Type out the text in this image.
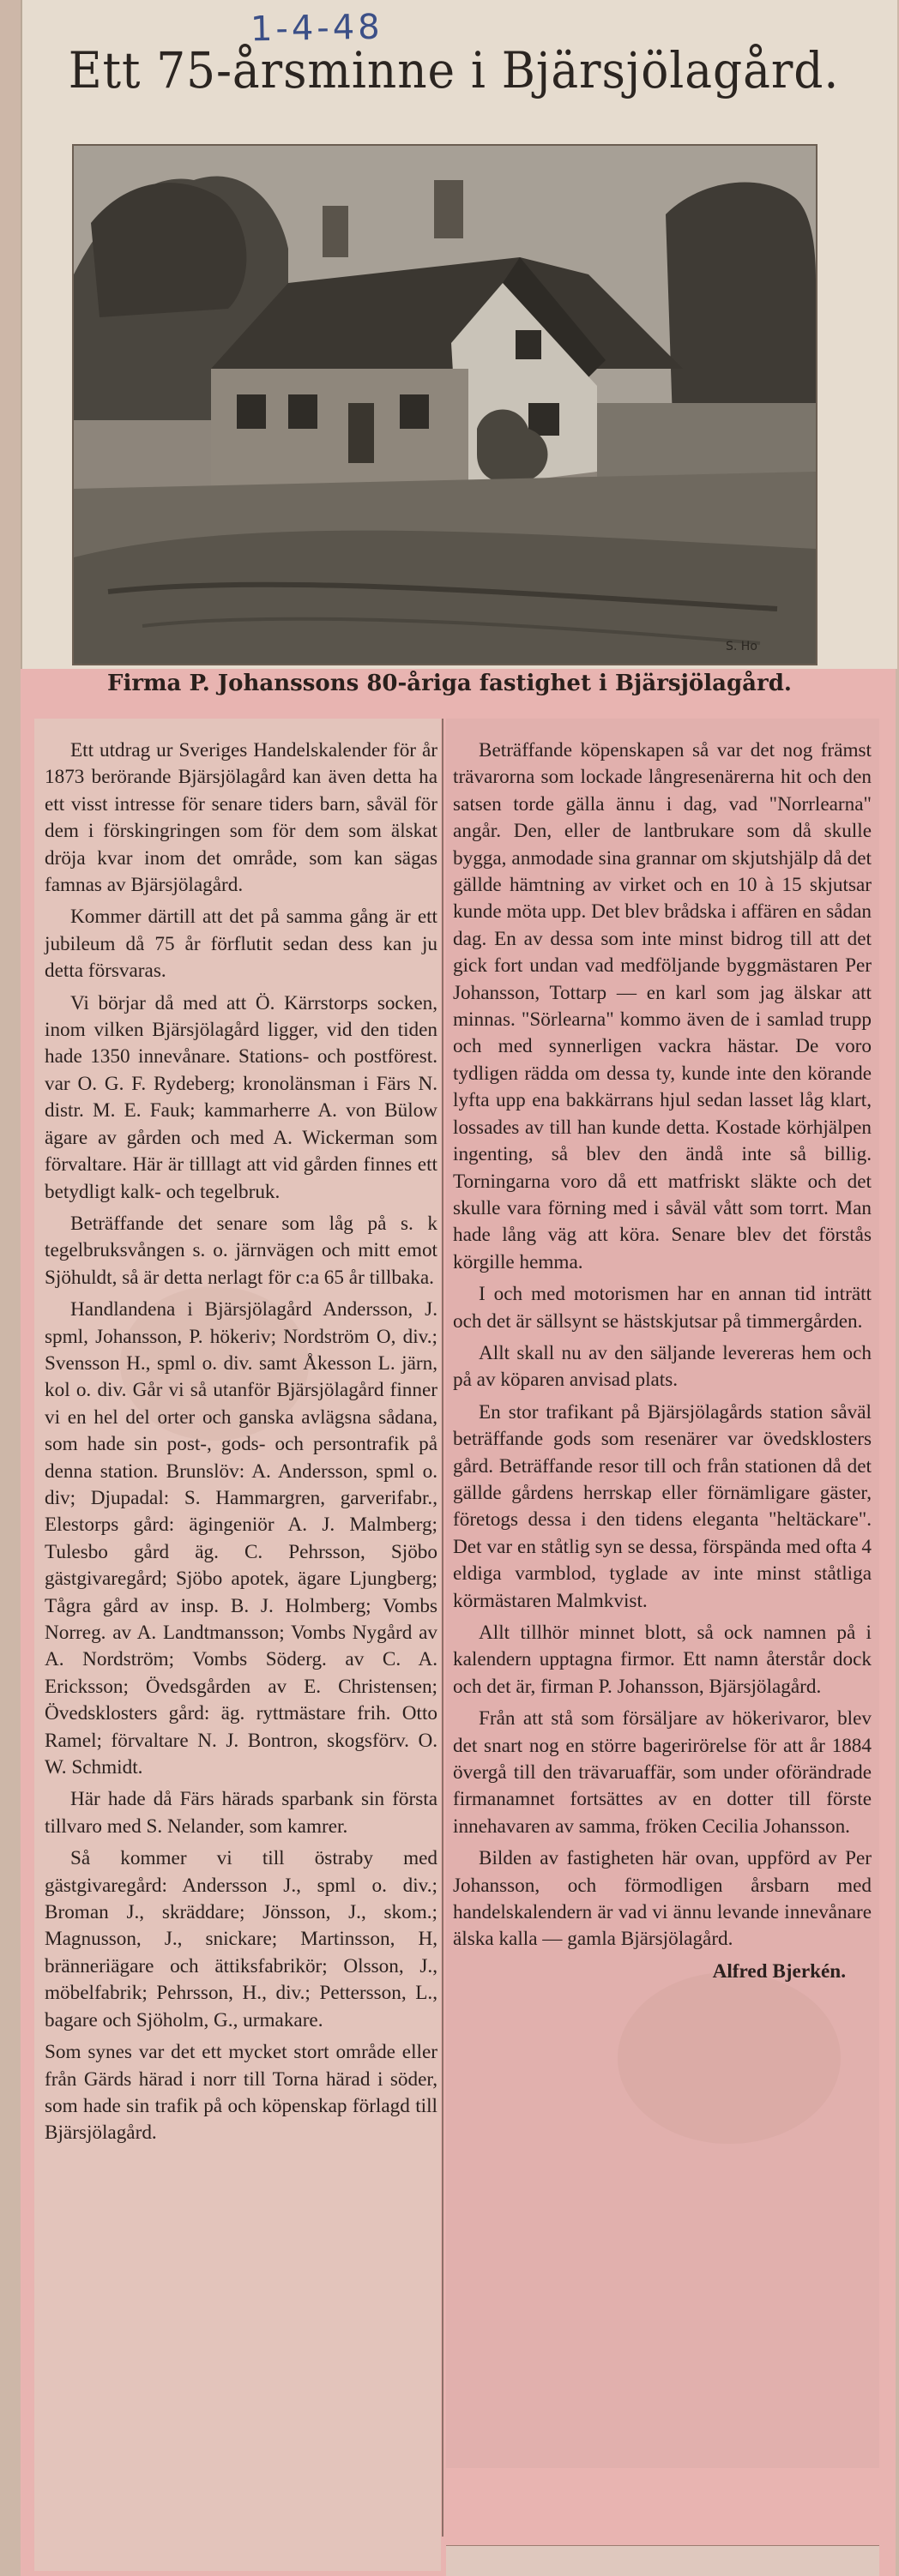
1-4-48
Ett 75-årsminne i Bjärsjölagård.
S. Ho
Firma P. Johanssons 80-åriga fastighet i Bjärsjölagård.

Ett utdrag ur Sveriges Handelskalender för år 1873 berörande Bjärsjölagård kan även detta ha ett visst intresse för senare tiders barn, såväl för dem i förskingringen som för dem som älskat dröja kvar inom det område, som kan sägas famnas av Bjärsjölagård.

Kommer därtill att det på samma gång är ett jubileum då 75 år förflutit sedan dess kan ju detta försvaras.

Vi börjar då med att Ö. Kärrstorps socken, inom vilken Bjärsjölagård ligger, vid den tiden hade 1350 innevånare. Stations- och postförest. var O. G. F. Rydeberg; kronolänsman i Färs N. distr. M. E. Fauk; kammarherre A. von Bülow ägare av gården och med A. Wickerman som förvaltare. Här är tilllagt att vid gården finnes ett betydligt kalk- och tegelbruk.

Beträffande det senare som låg på s. k tegelbruksvången s. o. järnvägen och mitt emot Sjöhuldt, så är detta nerlagt för c:a 65 år tillbaka.

Handlandena i Bjärsjölagård Andersson, J. spml, Johansson, P. hökeriv; Nordström O, div.; Svensson H., spml o. div. samt Åkesson L. järn, kol o. div. Går vi så utanför Bjärsjölagård finner vi en hel del orter och ganska avlägsna sådana, som hade sin post-, gods- och persontrafik på denna station. Brunslöv: A. Andersson, spml o. div; Djupadal: S. Hammargren, garverifabr., Elestorps gård: ägingeniör A. J. Malmberg; Tulesbo gård äg. C. Pehrsson, Sjöbo gästgivaregård; Sjöbo apotek, ägare Ljungberg; Tågra gård av insp. B. J. Holmberg; Vombs Norreg. av A. Landtmansson; Vombs Nygård av A. Nordström; Vombs Söderg. av C. A. Ericksson; Övedsgården av E. Christensen; Övedsklosters gård: äg. ryttmästare frih. Otto Ramel; förvaltare N. J. Bontron, skogsförv. O. W. Schmidt.

Här hade då Färs härads sparbank sin första tillvaro med S. Nelander, som kamrer.

Så kommer vi till östraby med gästgivaregård: Andersson J., spml o. div.; Broman J., skräddare; Jönsson, J., skom.; Magnusson, J., snickare; Martinsson, H, bränneriägare och ättiksfabrikör; Olsson, J., möbelfabrik; Pehrsson, H., div.; Pettersson, L., bagare och Sjöholm, G., urmakare.

Som synes var det ett mycket stort område eller från Gärds härad i norr till Torna härad i söder, som hade sin trafik på och köpenskap förlagd till Bjärsjölagård.

Beträffande köpenskapen så var det nog främst trävarorna som lockade långresenärerna hit och den satsen torde gälla ännu i dag, vad "Norrlearna" angår. Den, eller de lantbrukare som då skulle bygga, anmodade sina grannar om skjutshjälp då det gällde hämtning av virket och en 10 à 15 skjutsar kunde möta upp. Det blev brådska i affären en sådan dag. En av dessa som inte minst bidrog till att det gick fort undan vad medföljande byggmästaren Per Johansson, Tottarp — en karl som jag älskar att minnas. "Sörlearna" kommo även de i samlad trupp och med synnerligen vackra hästar. De voro tydligen rädda om dessa ty, kunde inte den körande lyfta upp ena bakkärrans hjul sedan lasset låg klart, lossades av till han kunde detta. Kostade körhjälpen ingenting, så blev den ändå inte så billig. Torningarna voro då ett matfriskt släkte och det skulle vara förning med i såväl vått som torrt. Man hade lång väg att köra. Senare blev det förstås körgille hemma.

I och med motorismen har en annan tid inträtt och det är sällsynt se hästskjutsar på timmergården.

Allt skall nu av den säljande levereras hem och på av köparen anvisad plats.

En stor trafikant på Bjärsjölagårds station såväl beträffande gods som resenärer var övedsklosters gård. Beträffande resor till och från stationen då det gällde gårdens herrskap eller förnämligare gäster, företogs dessa i den tidens eleganta "heltäckare". Det var en ståtlig syn se dessa, förspända med ofta 4 eldiga varmblod, tyglade av inte minst ståtliga körmästaren Malmkvist.

Allt tillhör minnet blott, så ock namnen på i kalendern upptagna firmor. Ett namn återstår dock och det är, firman P. Johansson, Bjärsjölagård.

Från att stå som försäljare av hökerivaror, blev det snart nog en större bagerirörelse för att år 1884 övergå till den trävaruaffär, som under oförändrade firmanamnet fortsättes av en dotter till förste innehavaren av samma, fröken Cecilia Johansson.

Bilden av fastigheten här ovan, uppförd av Per Johansson, och förmodligen årsbarn med handelskalendern är vad vi ännu levande innevånare älska kalla — gamla Bjärsjölagård.

Alfred Bjerkén.
